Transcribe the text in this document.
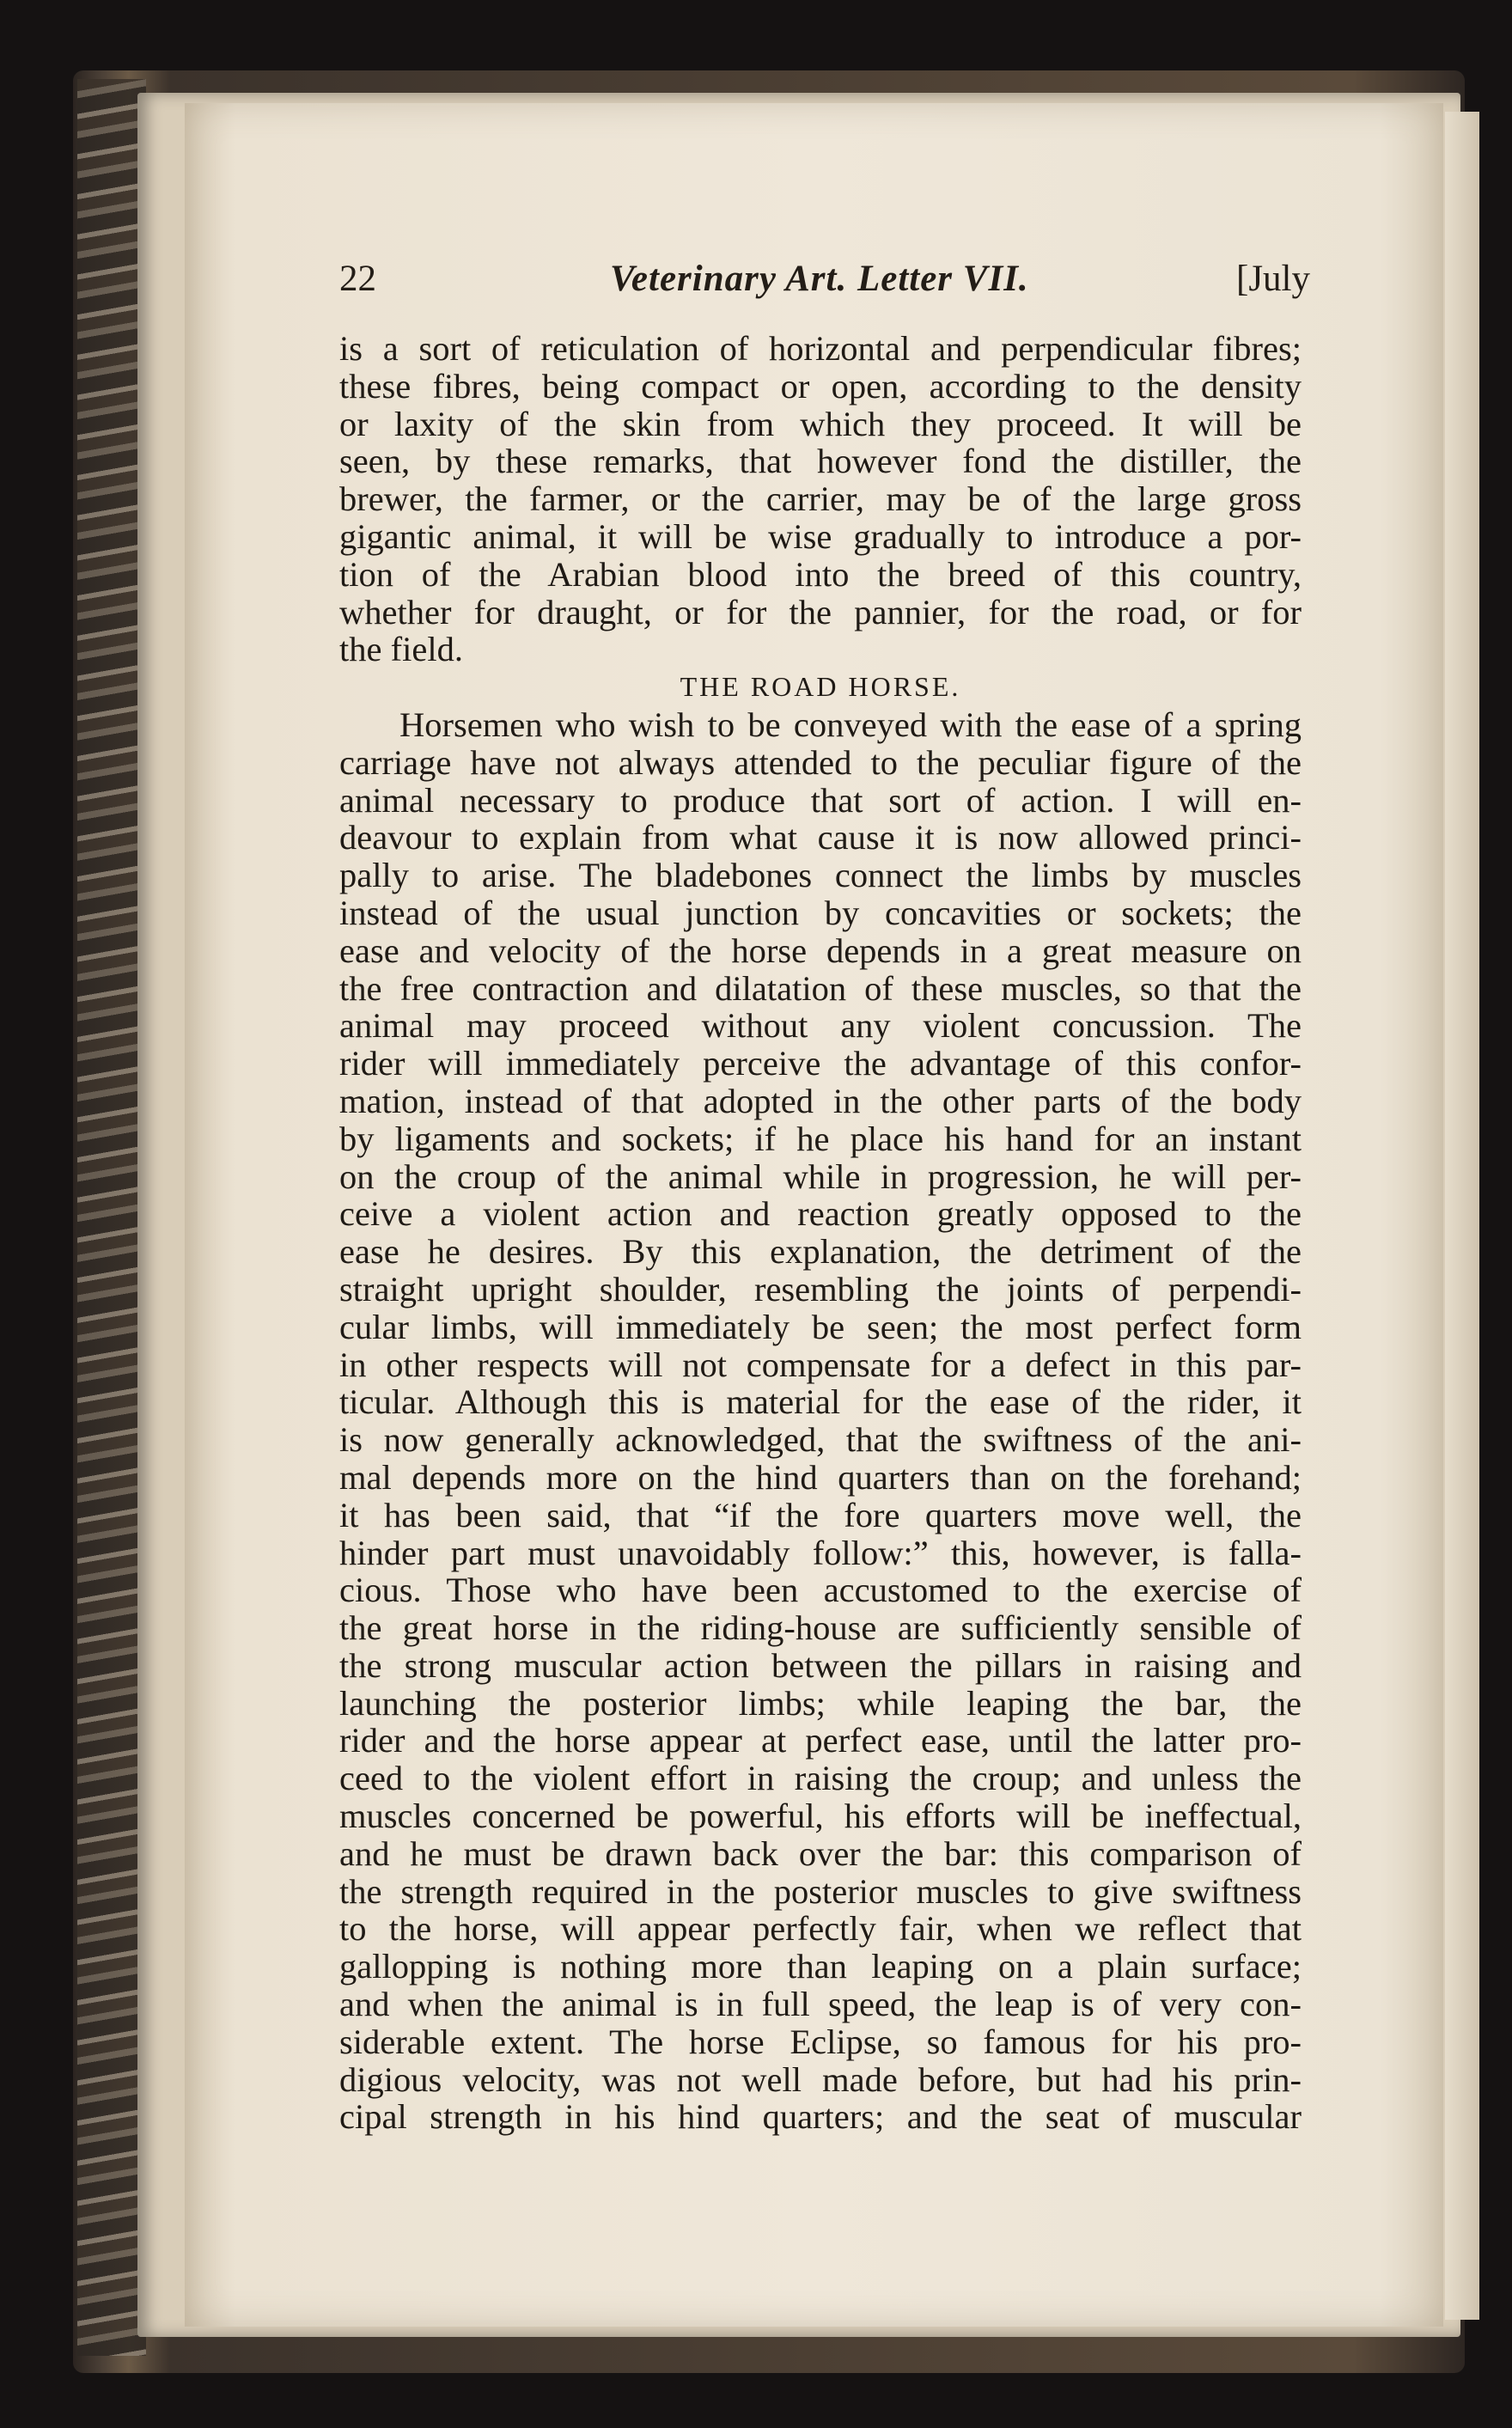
22	Veterinary Art. Letter VII.	[July
is a sort of reticulation of horizontal and perpendicular fibres;
these fibres, being compact or open, according to the density
or laxity of the skin from which they proceed. It will be
seen, by these remarks, that however fond the distiller, the
brewer, the farmer, or the carrier, may be of the large gross
gigantic animal, it will be wise gradually to introduce a por-
tion of the Arabian blood into the breed of this country,
whether for draught, or for the pannier, for the road, or for
the field.
THE ROAD HORSE.
Horsemen who wish to be conveyed with the ease of a spring
carriage have not always attended to the peculiar figure of the
animal necessary to produce that sort of action. I will en-
deavour to explain from what cause it is now allowed princi-
pally to arise. The bladebones connect the limbs by muscles
instead of the usual junction by concavities or sockets; the
ease and velocity of the horse depends in a great measure on
the free contraction and dilatation of these muscles, so that the
animal may proceed without any violent concussion. The
rider will immediately perceive the advantage of this confor-
mation, instead of that adopted in the other parts of the body
by ligaments and sockets; if he place his hand for an instant
on the croup of the animal while in progression, he will per-
ceive a violent action and reaction greatly opposed to the
ease he desires. By this explanation, the detriment of the
straight upright shoulder, resembling the joints of perpendi-
cular limbs, will immediately be seen; the most perfect form
in other respects will not compensate for a defect in this par-
ticular. Although this is material for the ease of the rider, it
is now generally acknowledged, that the swiftness of the ani-
mal depends more on the hind quarters than on the forehand;
it has been said, that “if the fore quarters move well, the
hinder part must unavoidably follow:” this, however, is falla-
cious. Those who have been accustomed to the exercise of
the great horse in the riding-house are sufficiently sensible of
the strong muscular action between the pillars in raising and
launching the posterior limbs; while leaping the bar, the
rider and the horse appear at perfect ease, until the latter pro-
ceed to the violent effort in raising the croup; and unless the
muscles concerned be powerful, his efforts will be ineffectual,
and he must be drawn back over the bar: this comparison of
the strength required in the posterior muscles to give swiftness
to the horse, will appear perfectly fair, when we reflect that
gallopping is nothing more than leaping on a plain surface;
and when the animal is in full speed, the leap is of very con-
siderable extent. The horse Eclipse, so famous for his pro-
digious velocity, was not well made before, but had his prin-
cipal strength in his hind quarters; and the seat of muscular
